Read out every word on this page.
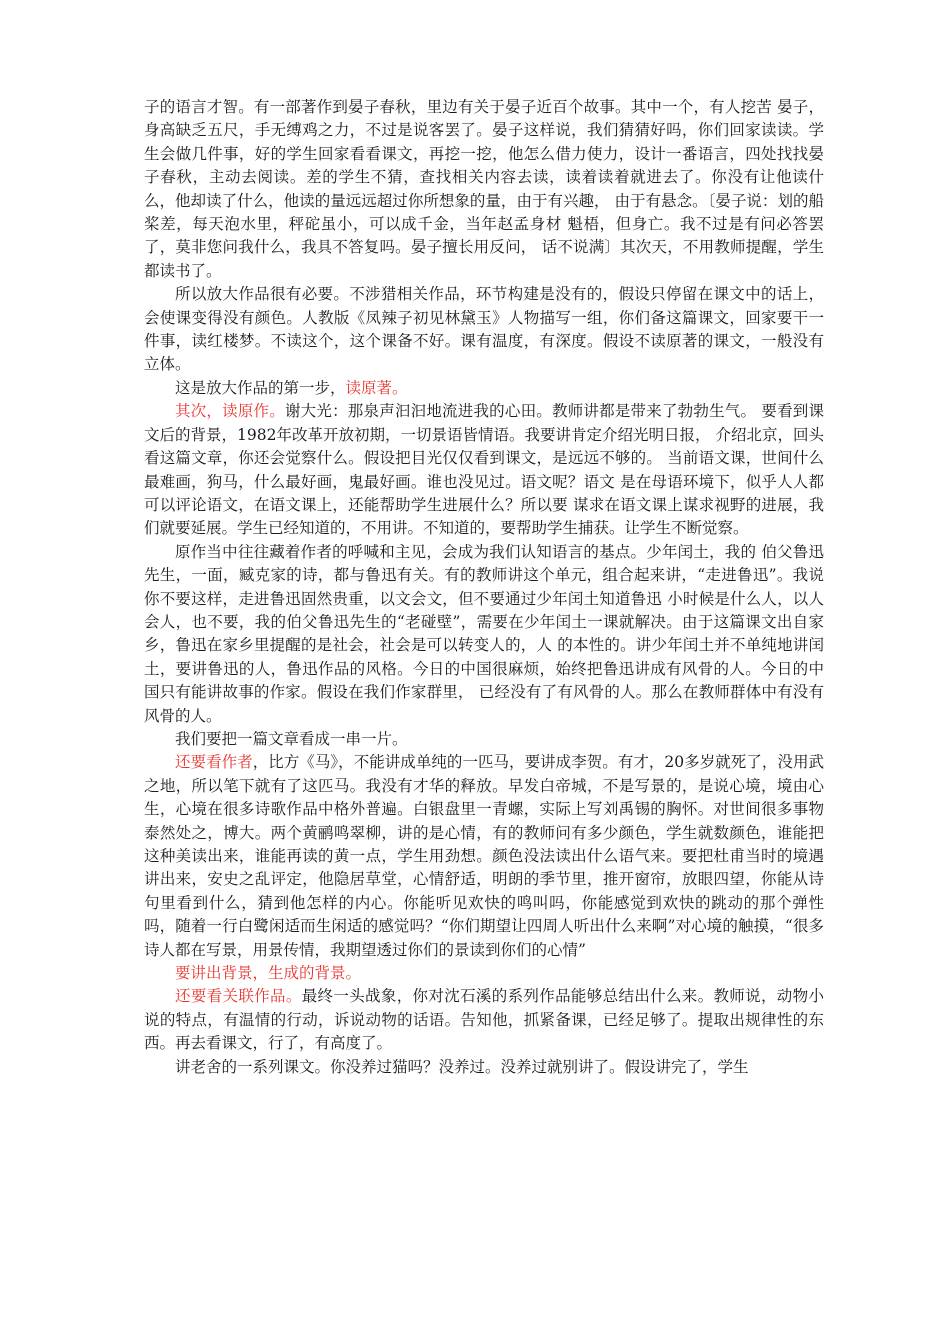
子的语言才智。有一部著作到晏子春秋，里边有关于晏子近百个故事。其中一个，有人挖苦 晏子，身高缺乏五尺，手无缚鸡之力，不过是说客罢了。晏子这样说，我们猜猜好吗，你们回家读读。学生会做几件事，好的学生回家看看课文，再挖一挖，他怎么借力使力，设计一番语言，四处找找晏子春秋，主动去阅读。差的学生不猜，查找相关内容去读，读着读着就进去了。你没有让他读什么，他却读了什么，他读的量远远超过你所想象的量，由于有兴趣， 由于有悬念。〔晏子说：划的船桨差，每天泡水里，秤砣虽小，可以成千金，当年赵孟身材 魁梧，但身亡。我不过是有问必答罢了，莫非您问我什么，我具不答复吗。晏子擅长用反问， 话不说满〕其次天，不用教师提醒，学生都读书了。

所以放大作品很有必要。不涉猎相关作品，环节构建是没有的，假设只停留在课文中的话上，会使课变得没有颜色。人教版《凤辣子初见林黛玉》人物描写一组，你们备这篇课文，回家要干一件事，读红楼梦。不读这个，这个课备不好。课有温度，有深度。假设不读原著的课文，一般没有立体。

这是放大作品的第一步，读原著。

其次，读原作。谢大光：那泉声汩汩地流进我的心田。教师讲都是带来了勃勃生气。 要看到课文后的背景，1982年改革开放初期，一切景语皆情语。我要讲肯定介绍光明日报， 介绍北京，回头看这篇文章，你还会觉察什么。假设把目光仅仅看到课文，是远远不够的。 当前语文课，世间什么最难画，狗马，什么最好画，鬼最好画。谁也没见过。语文呢？语文 是在母语环境下，似乎人人都可以评论语文，在语文课上，还能帮助学生进展什么？所以要 谋求在语文课上谋求视野的进展，我们就要延展。学生已经知道的，不用讲。不知道的，要帮助学生捕获。让学生不断觉察。

原作当中往往藏着作者的呼喊和主见，会成为我们认知语言的基点。少年闰土，我的 伯父鲁迅先生，一面，臧克家的诗，都与鲁迅有关。有的教师讲这个单元，组合起来讲，“走进鲁迅”。我说你不要这样，走进鲁迅固然贵重，以文会文，但不要通过少年闰土知道鲁迅 小时候是什么人，以人会人，也不要，我的伯父鲁迅先生的“老碰壁”，需要在少年闰土一课就解决。由于这篇课文出自家乡，鲁迅在家乡里提醒的是社会，社会是可以转变人的，人 的本性的。讲少年闰土并不单纯地讲闰土，要讲鲁迅的人，鲁迅作品的风格。今日的中国很麻烦，始终把鲁迅讲成有风骨的人。今日的中国只有能讲故事的作家。假设在我们作家群里， 已经没有了有风骨的人。那么在教师群体中有没有风骨的人。

我们要把一篇文章看成一串一片。

还要看作者，比方《马》，不能讲成单纯的一匹马，要讲成李贺。有才，20多岁就死了，没用武之地，所以笔下就有了这匹马。我没有才华的释放。早发白帝城，不是写景的，是说心境，境由心生，心境在很多诗歌作品中格外普遍。白银盘里一青螺，实际上写刘禹锡的胸怀。对世间很多事物泰然处之，博大。两个黄鹂鸣翠柳，讲的是心情，有的教师问有多少颜色，学生就数颜色，谁能把这种美读出来，谁能再读的黄一点，学生用劲想。颜色没法读出什么语气来。要把杜甫当时的境遇讲出来，安史之乱评定，他隐居草堂，心情舒适，明朗的季节里，推开窗帘，放眼四望，你能从诗句里看到什么，猜到他怎样的内心。你能听见欢快的鸣叫吗，你能感觉到欢快的跳动的那个弹性吗，随着一行白鹭闲适而生闲适的感觉吗？“你们期望让四周人听出什么来啊”对心境的触摸，“很多诗人都在写景，用景传情，我期望透过你们的景读到你们的心情”

要讲出背景，生成的背景。

还要看关联作品。最终一头战象，你对沈石溪的系列作品能够总结出什么来。教师说，动物小说的特点，有温情的行动，诉说动物的话语。告知他，抓紧备课，已经足够了。提取出规律性的东西。再去看课文，行了，有高度了。

讲老舍的一系列课文。你没养过猫吗？没养过。没养过就别讲了。假设讲完了，学生
